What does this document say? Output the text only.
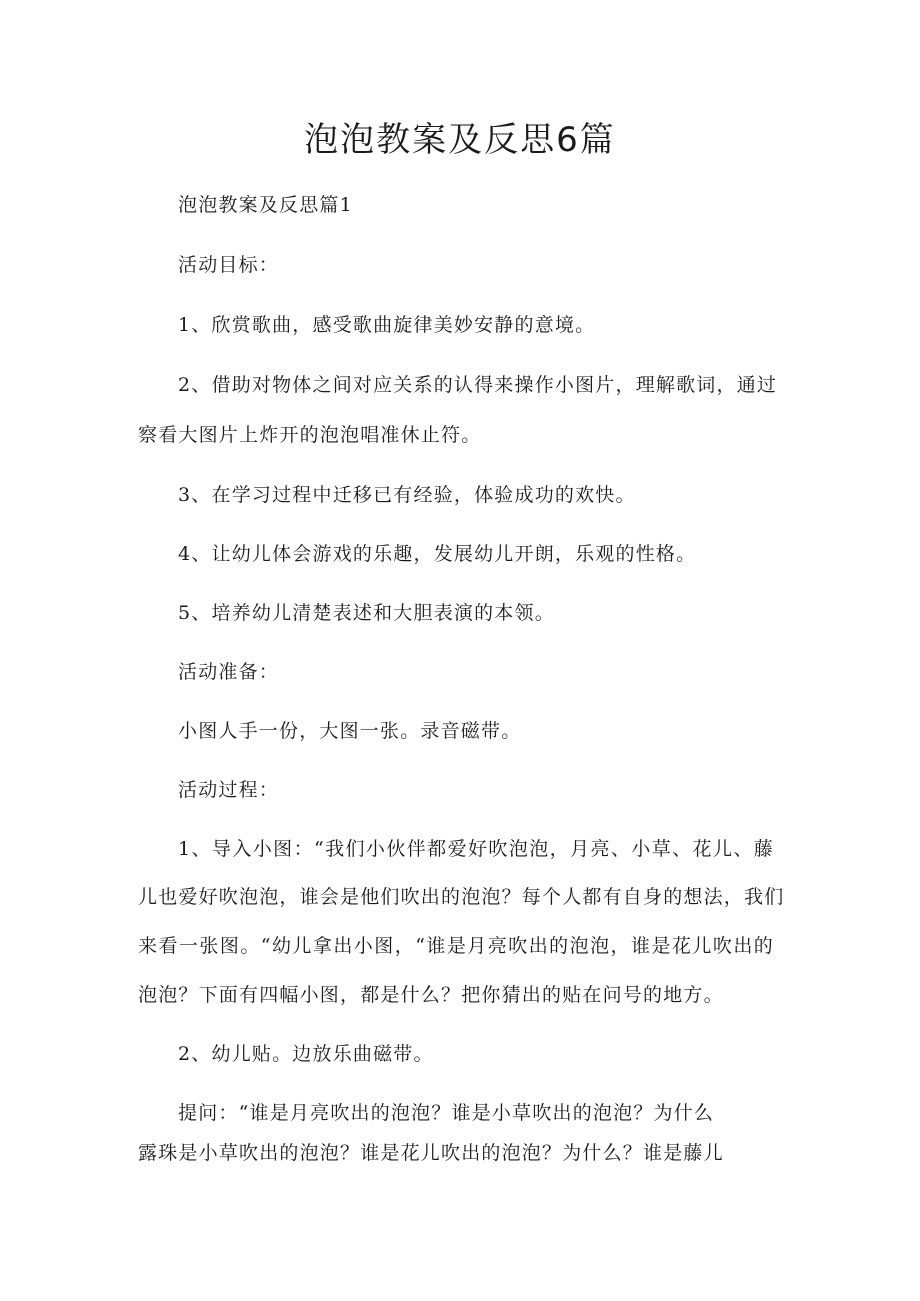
泡泡教案及反思6篇

泡泡教案及反思篇1

活动目标：

1、欣赏歌曲，感受歌曲旋律美妙安静的意境。

2、借助对物体之间对应关系的认得来操作小图片，理解歌词，通过

察看大图片上炸开的泡泡唱准休止符。

3、在学习过程中迁移已有经验，体验成功的欢快。

4、让幼儿体会游戏的乐趣，发展幼儿开朗，乐观的性格。

5、培养幼儿清楚表述和大胆表演的本领。

活动准备：

小图人手一份，大图一张。录音磁带。

活动过程：

1、导入小图：“我们小伙伴都爱好吹泡泡，月亮、小草、花儿、藤

儿也爱好吹泡泡，谁会是他们吹出的泡泡？每个人都有自身的想法，我们

来看一张图。“幼儿拿出小图，“谁是月亮吹出的泡泡，谁是花儿吹出的

泡泡？下面有四幅小图，都是什么？把你猜出的贴在问号的地方。

2、幼儿贴。边放乐曲磁带。

提问：“谁是月亮吹出的泡泡？谁是小草吹出的泡泡？为什么

露珠是小草吹出的泡泡？谁是花儿吹出的泡泡？为什么？谁是藤儿
